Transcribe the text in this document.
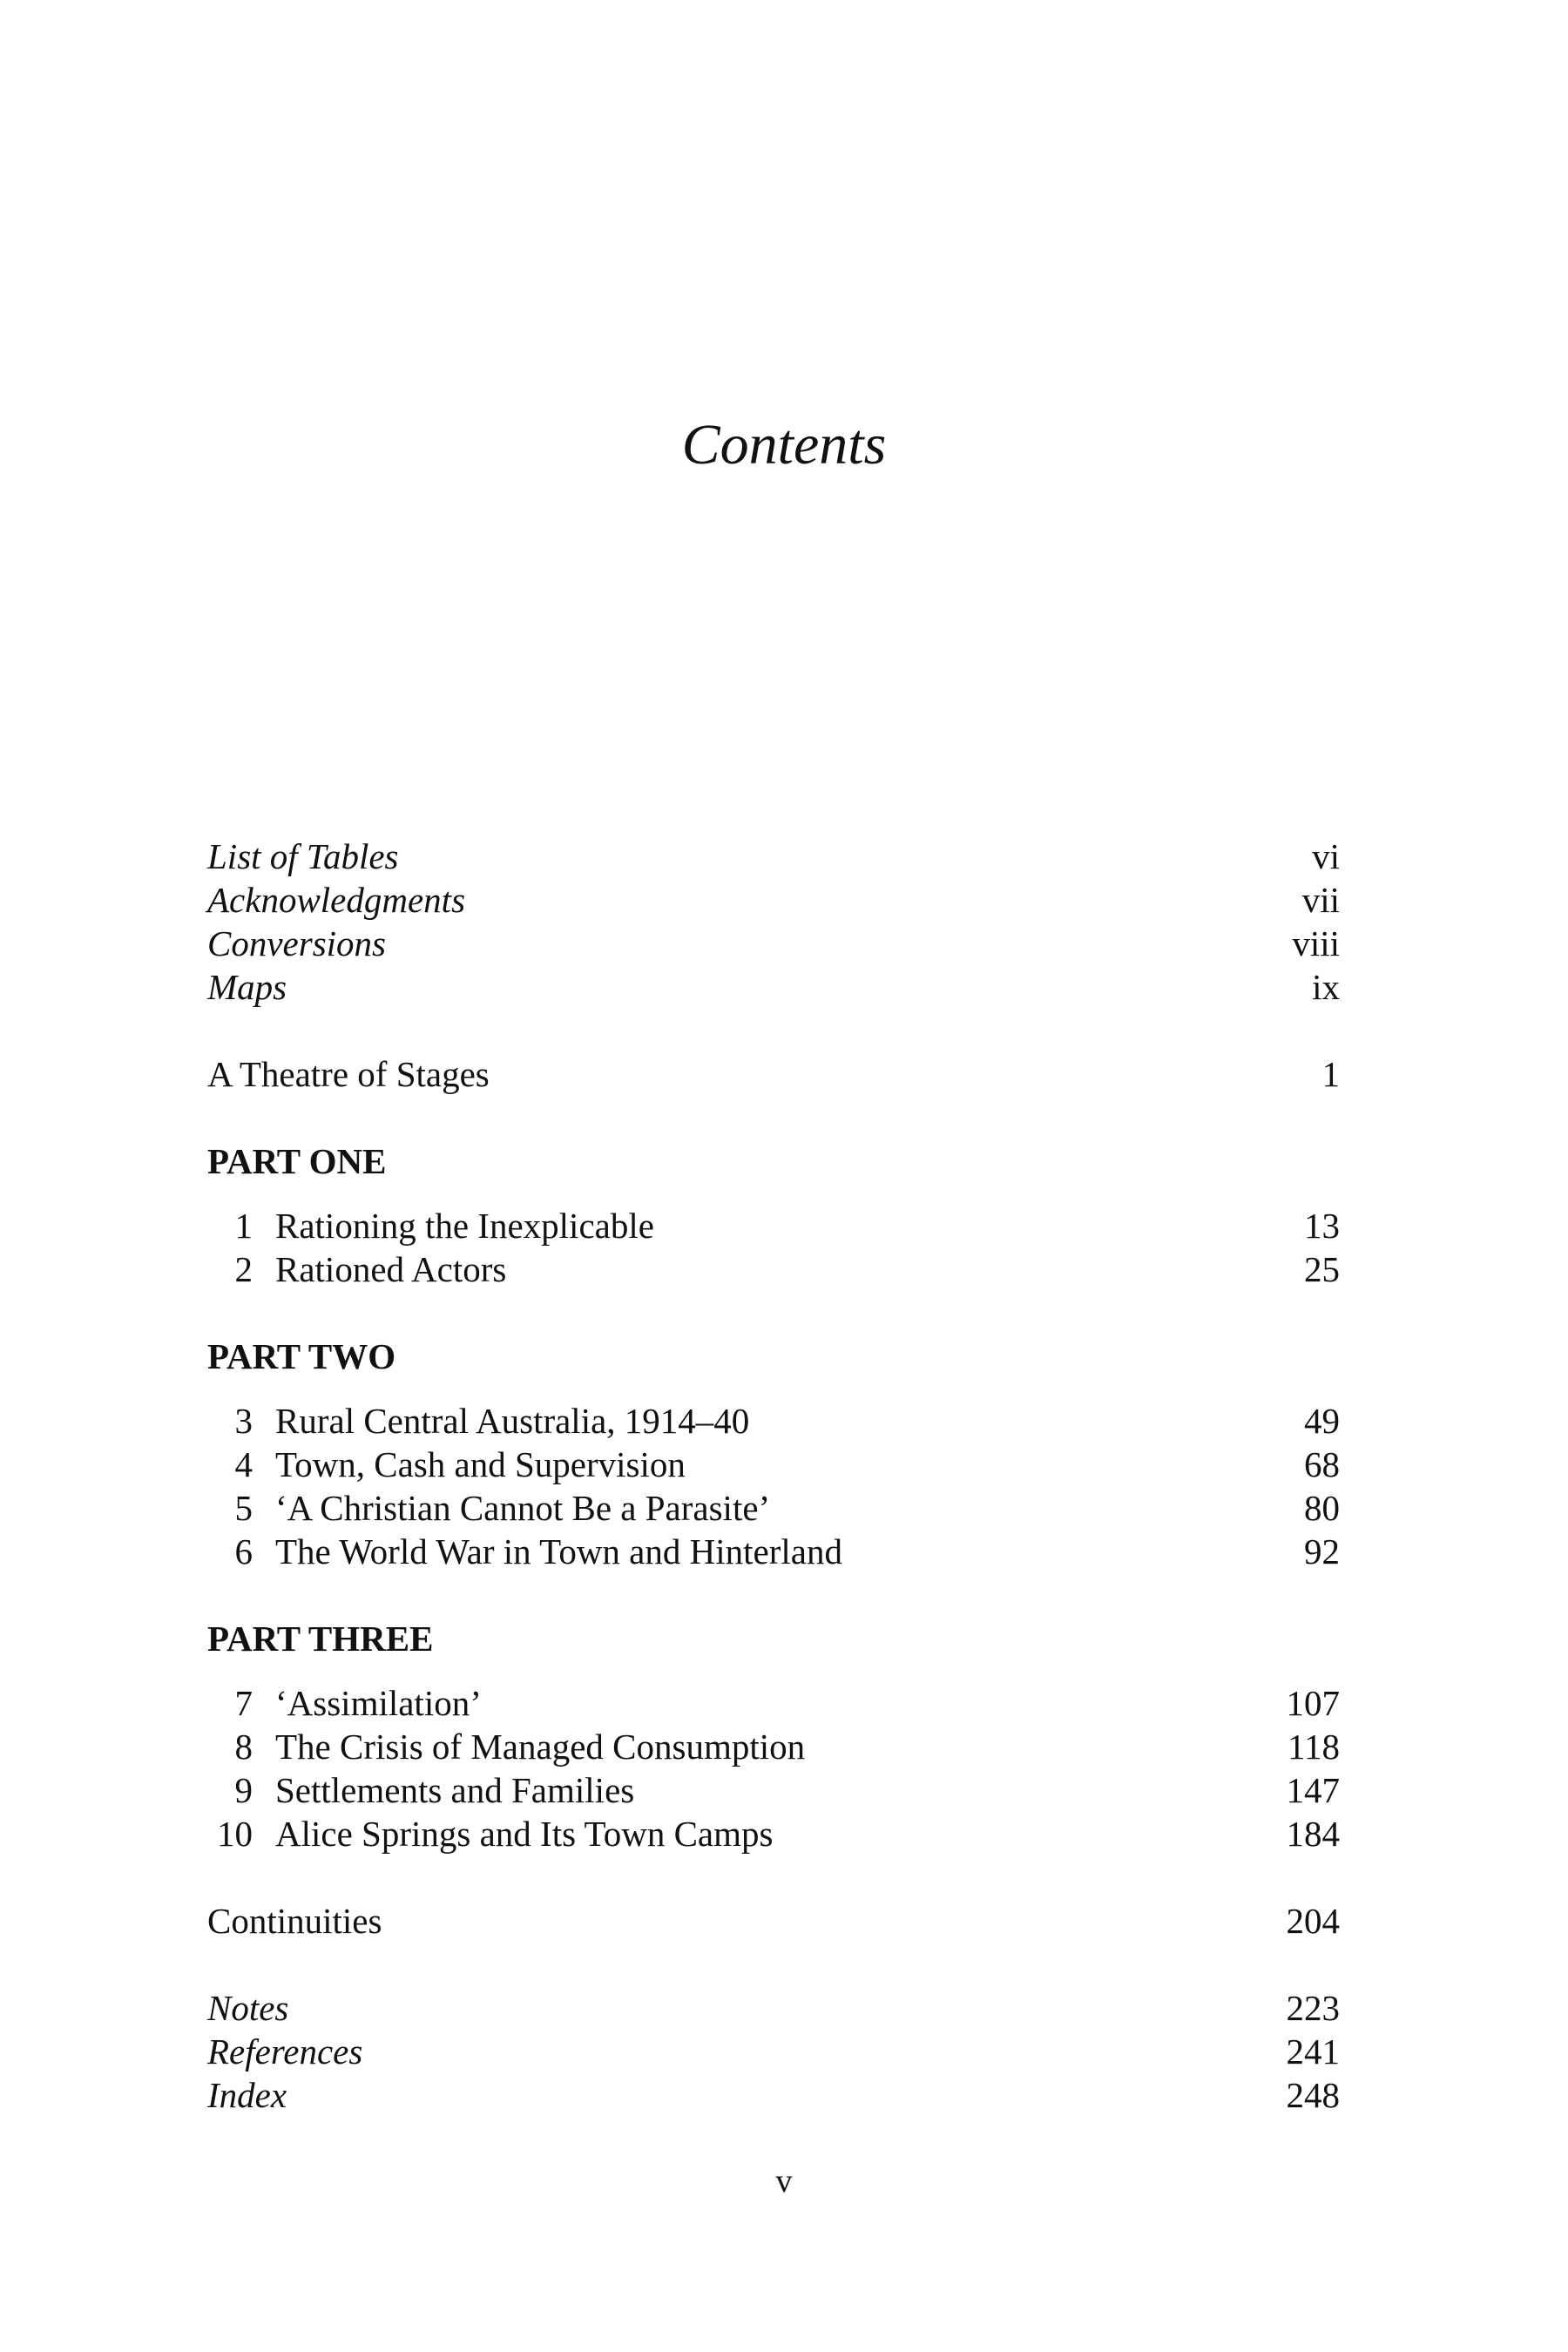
Contents
List of Tables	vi
Acknowledgments	vii
Conversions	viii
Maps	ix
A Theatre of Stages	1
PART ONE
1 Rationing the Inexplicable	13
2 Rationed Actors	25
PART TWO
3 Rural Central Australia, 1914–40	49
4 Town, Cash and Supervision	68
5 ‘A Christian Cannot Be a Parasite’	80
6 The World War in Town and Hinterland	92
PART THREE
7 ‘Assimilation’	107
8 The Crisis of Managed Consumption	118
9 Settlements and Families	147
10 Alice Springs and Its Town Camps	184
Continuities	204
Notes	223
References	241
Index	248
v
